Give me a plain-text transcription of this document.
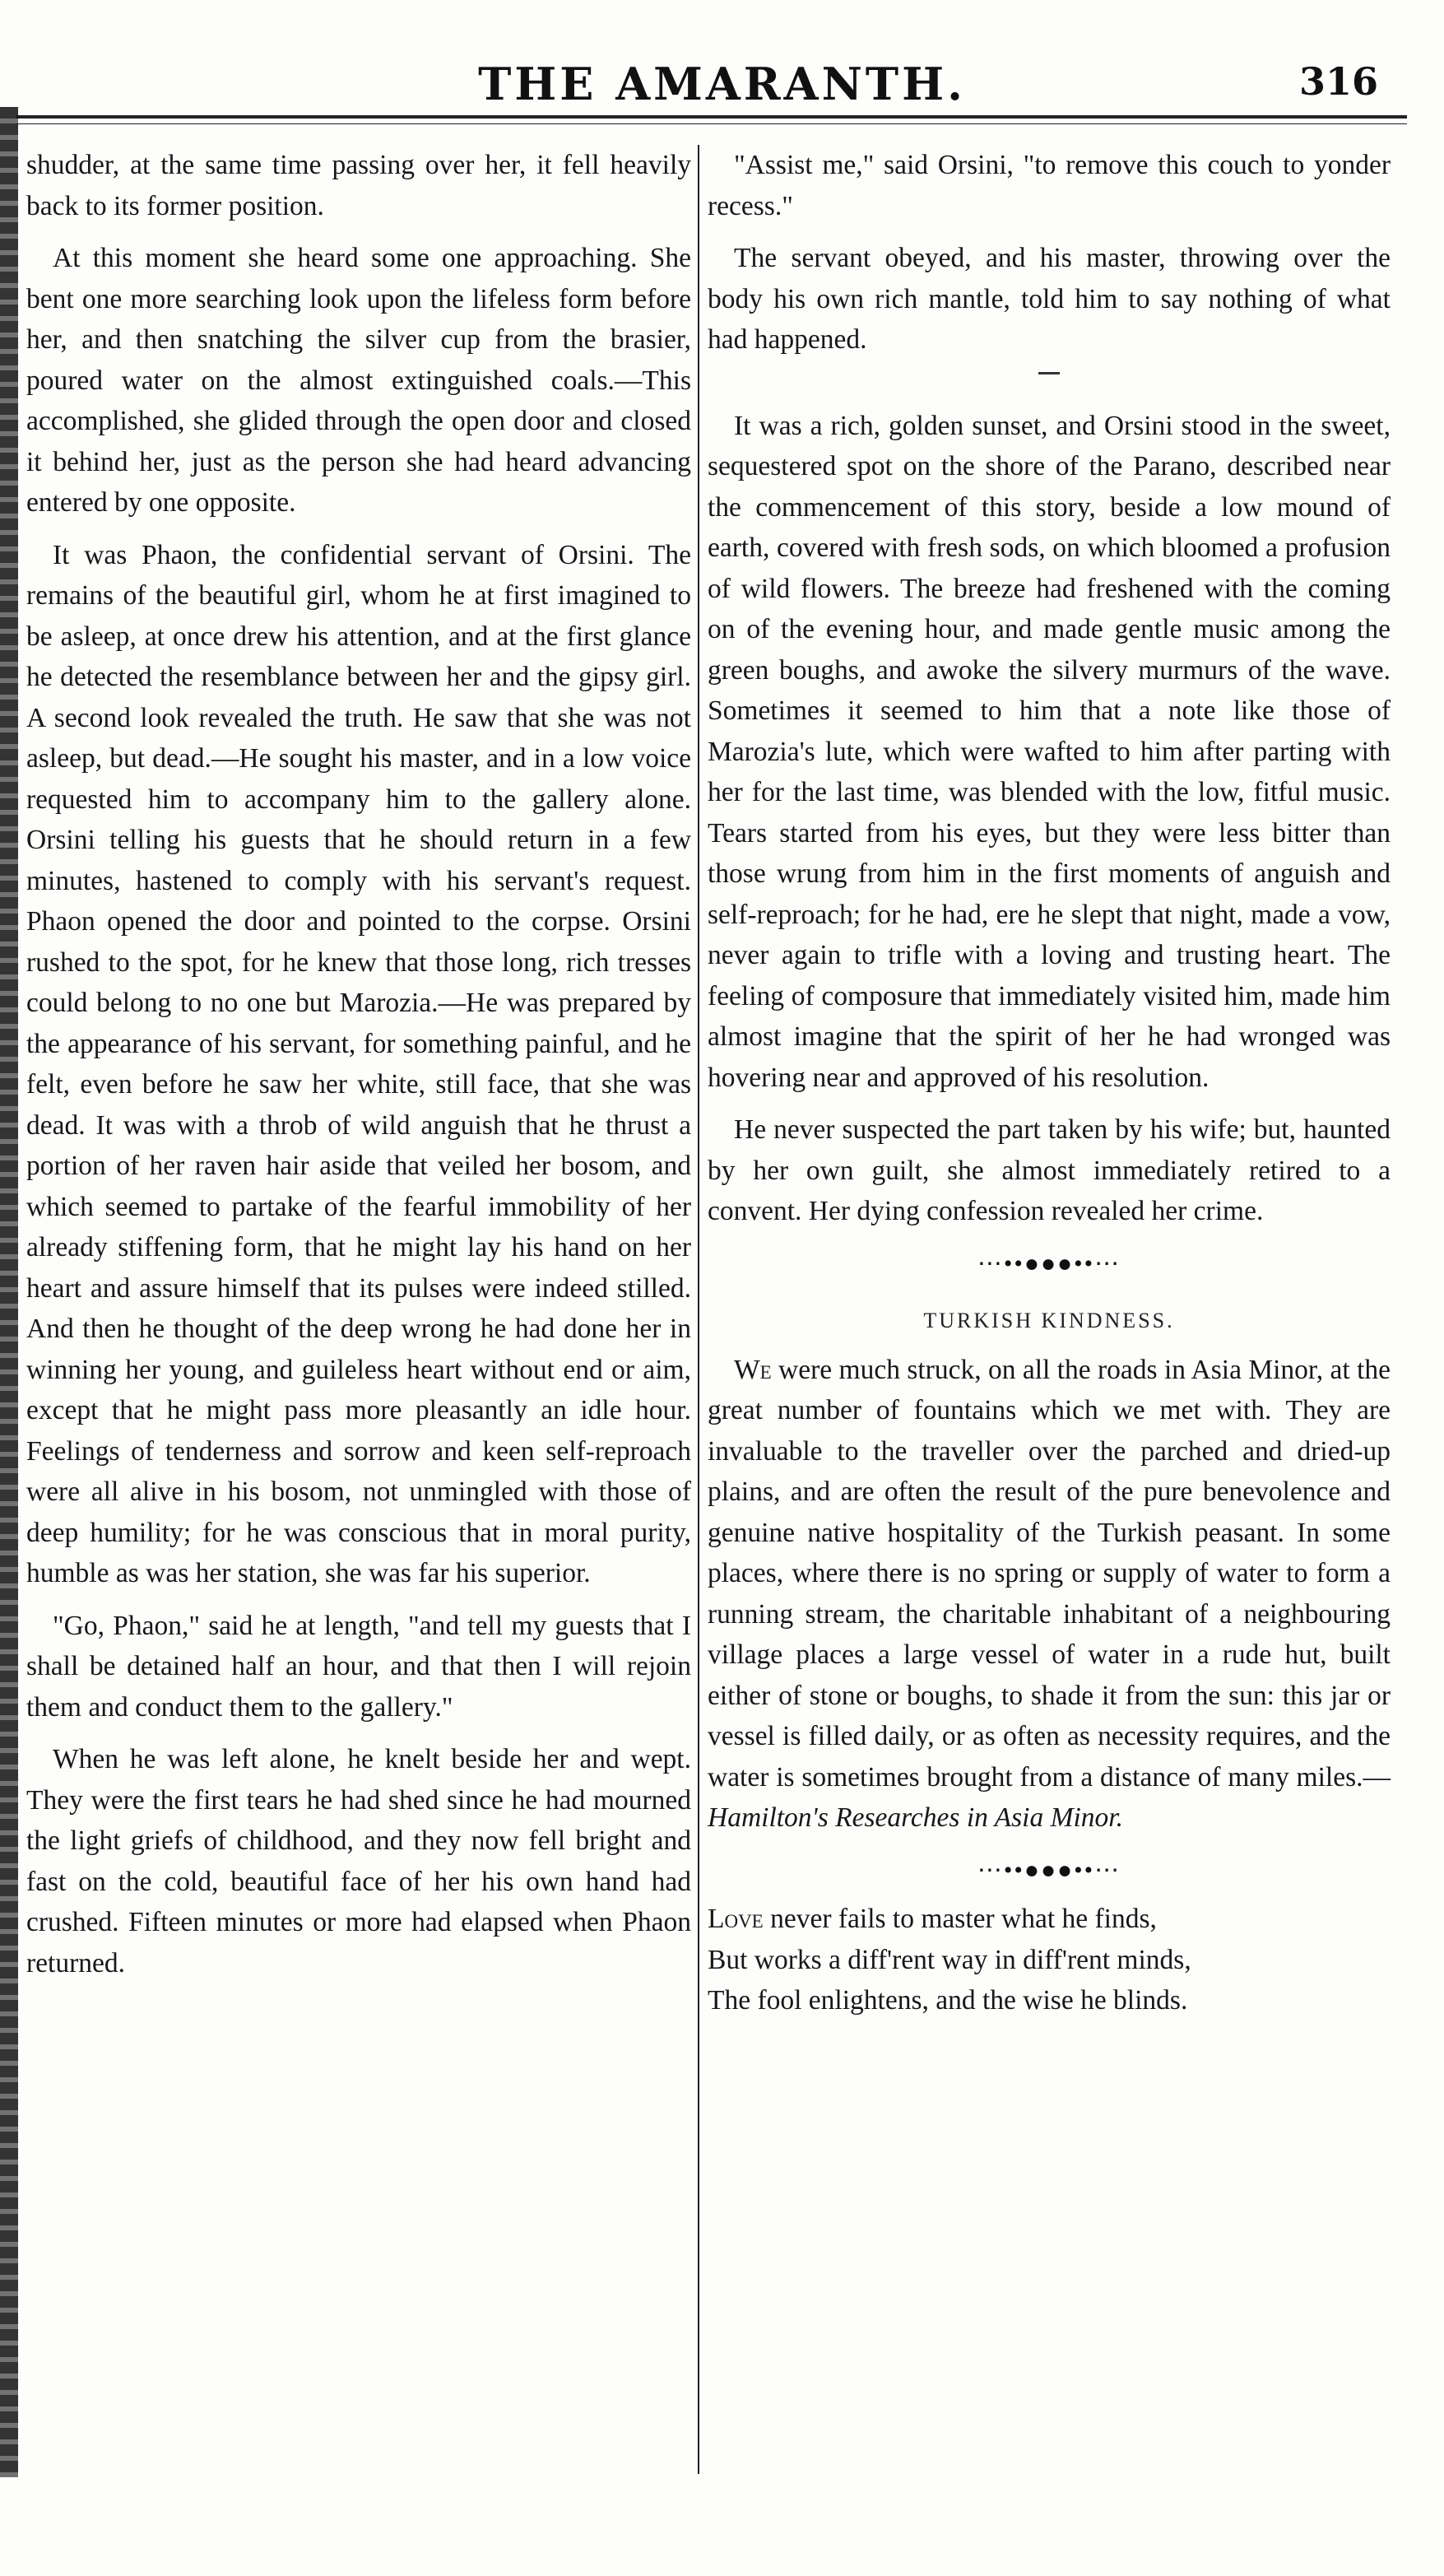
THE AMARANTH.	316

shudder, at the same time passing over her, it fell heavily back to its former position.

At this moment she heard some one approaching. She bent one more searching look upon the lifeless form before her, and then snatching the silver cup from the brasier, poured water on the almost extinguished coals.—This accomplished, she glided through the open door and closed it behind her, just as the person she had heard advancing entered by one opposite.

It was Phaon, the confidential servant of Orsini. The remains of the beautiful girl, whom he at first imagined to be asleep, at once drew his attention, and at the first glance he detected the resemblance between her and the gipsy girl. A second look revealed the truth. He saw that she was not asleep, but dead.—He sought his master, and in a low voice requested him to accompany him to the gallery alone. Orsini telling his guests that he should return in a few minutes, hastened to comply with his servant's request. Phaon opened the door and pointed to the corpse. Orsini rushed to the spot, for he knew that those long, rich tresses could belong to no one but Marozia.—He was prepared by the appearance of his servant, for something painful, and he felt, even before he saw her white, still face, that she was dead. It was with a throb of wild anguish that he thrust a portion of her raven hair aside that veiled her bosom, and which seemed to partake of the fearful immobility of her already stiffening form, that he might lay his hand on her heart and assure himself that its pulses were indeed stilled. And then he thought of the deep wrong he had done her in winning her young, and guileless heart without end or aim, except that he might pass more pleasantly an idle hour. Feelings of tenderness and sorrow and keen self-reproach were all alive in his bosom, not unmingled with those of deep humility; for he was conscious that in moral purity, humble as was her station, she was far his superior.

"Go, Phaon," said he at length, "and tell my guests that I shall be detained half an hour, and that then I will rejoin them and conduct them to the gallery."

When he was left alone, he knelt beside her and wept. They were the first tears he had shed since he had mourned the light griefs of childhood, and they now fell bright and fast on the cold, beautiful face of her his own hand had crushed. Fifteen minutes or more had elapsed when Phaon returned.

"Assist me," said Orsini, "to remove this couch to yonder recess."

The servant obeyed, and his master, throwing over the body his own rich mantle, told him to say nothing of what had happened.

It was a rich, golden sunset, and Orsini stood in the sweet, sequestered spot on the shore of the Parano, described near the commencement of this story, beside a low mound of earth, covered with fresh sods, on which bloomed a profusion of wild flowers. The breeze had freshened with the coming on of the evening hour, and made gentle music among the green boughs, and awoke the silvery murmurs of the wave. Sometimes it seemed to him that a note like those of Marozia's lute, which were wafted to him after parting with her for the last time, was blended with the low, fitful music. Tears started from his eyes, but they were less bitter than those wrung from him in the first moments of anguish and self-reproach; for he had, ere he slept that night, made a vow, never again to trifle with a loving and trusting heart. The feeling of composure that immediately visited him, made him almost imagine that the spirit of her he had wronged was hovering near and approved of his resolution.

He never suspected the part taken by his wife; but, haunted by her own guilt, she almost immediately retired to a convent. Her dying confession revealed her crime.

⋯••●●●••⋯
TURKISH KINDNESS.

We were much struck, on all the roads in Asia Minor, at the great number of fountains which we met with. They are invaluable to the traveller over the parched and dried-up plains, and are often the result of the pure benevolence and genuine native hospitality of the Turkish peasant. In some places, where there is no spring or supply of water to form a running stream, the charitable inhabitant of a neighbouring village places a large vessel of water in a rude hut, built either of stone or boughs, to shade it from the sun: this jar or vessel is filled daily, or as often as necessity requires, and the water is sometimes brought from a distance of many miles.—Hamilton's Researches in Asia Minor.

⋯••●●●••⋯
Love never fails to master what he finds,
But works a diff'rent way in diff'rent minds,
The fool enlightens, and the wise he blinds.
